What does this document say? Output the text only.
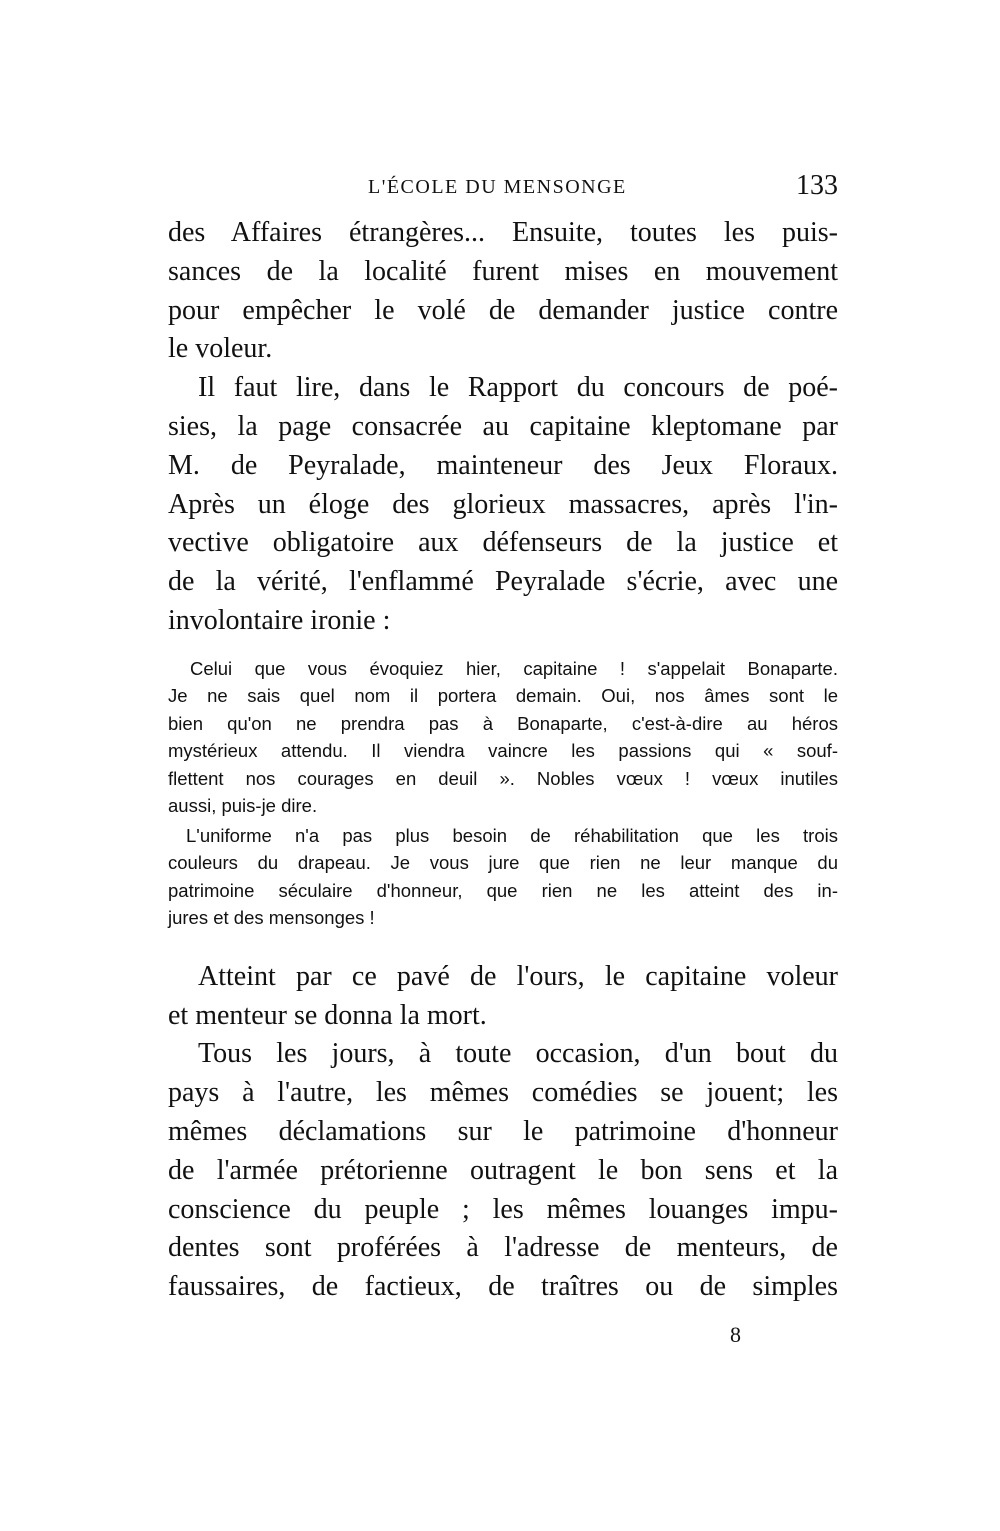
L'ÉCOLE DU MENSONGE	133

des Affaires étrangères... Ensuite, toutes les puis-
sances de la localité furent mises en mouvement
pour empêcher le volé de demander justice contre
le voleur.

Il faut lire, dans le Rapport du concours de poé-
sies, la page consacrée au capitaine kleptomane par
M. de Peyralade, mainteneur des Jeux Floraux.
Après un éloge des glorieux massacres, après l'in-
vective obligatoire aux défenseurs de la justice et
de la vérité, l'enflammé Peyralade s'écrie, avec une
involontaire ironie :

Celui que vous évoquiez hier, capitaine ! s'appelait Bonaparte.
Je ne sais quel nom il portera demain. Oui, nos âmes sont le
bien qu'on ne prendra pas à Bonaparte, c'est-à-dire au héros
mystérieux attendu. Il viendra vaincre les passions qui « souf-
flettent nos courages en deuil ». Nobles vœux ! vœux inutiles
aussi, puis-je dire.
L'uniforme n'a pas plus besoin de réhabilitation que les trois
couleurs du drapeau. Je vous jure que rien ne leur manque du
patrimoine séculaire d'honneur, que rien ne les atteint des in-
jures et des mensonges !

Atteint par ce pavé de l'ours, le capitaine voleur
et menteur se donna la mort.

Tous les jours, à toute occasion, d'un bout du
pays à l'autre, les mêmes comédies se jouent; les
mêmes déclamations sur le patrimoine d'honneur
de l'armée prétorienne outragent le bon sens et la
conscience du peuple ; les mêmes louanges impu-
dentes sont proférées à l'adresse de menteurs, de
faussaires, de factieux, de traîtres ou de simples

8
